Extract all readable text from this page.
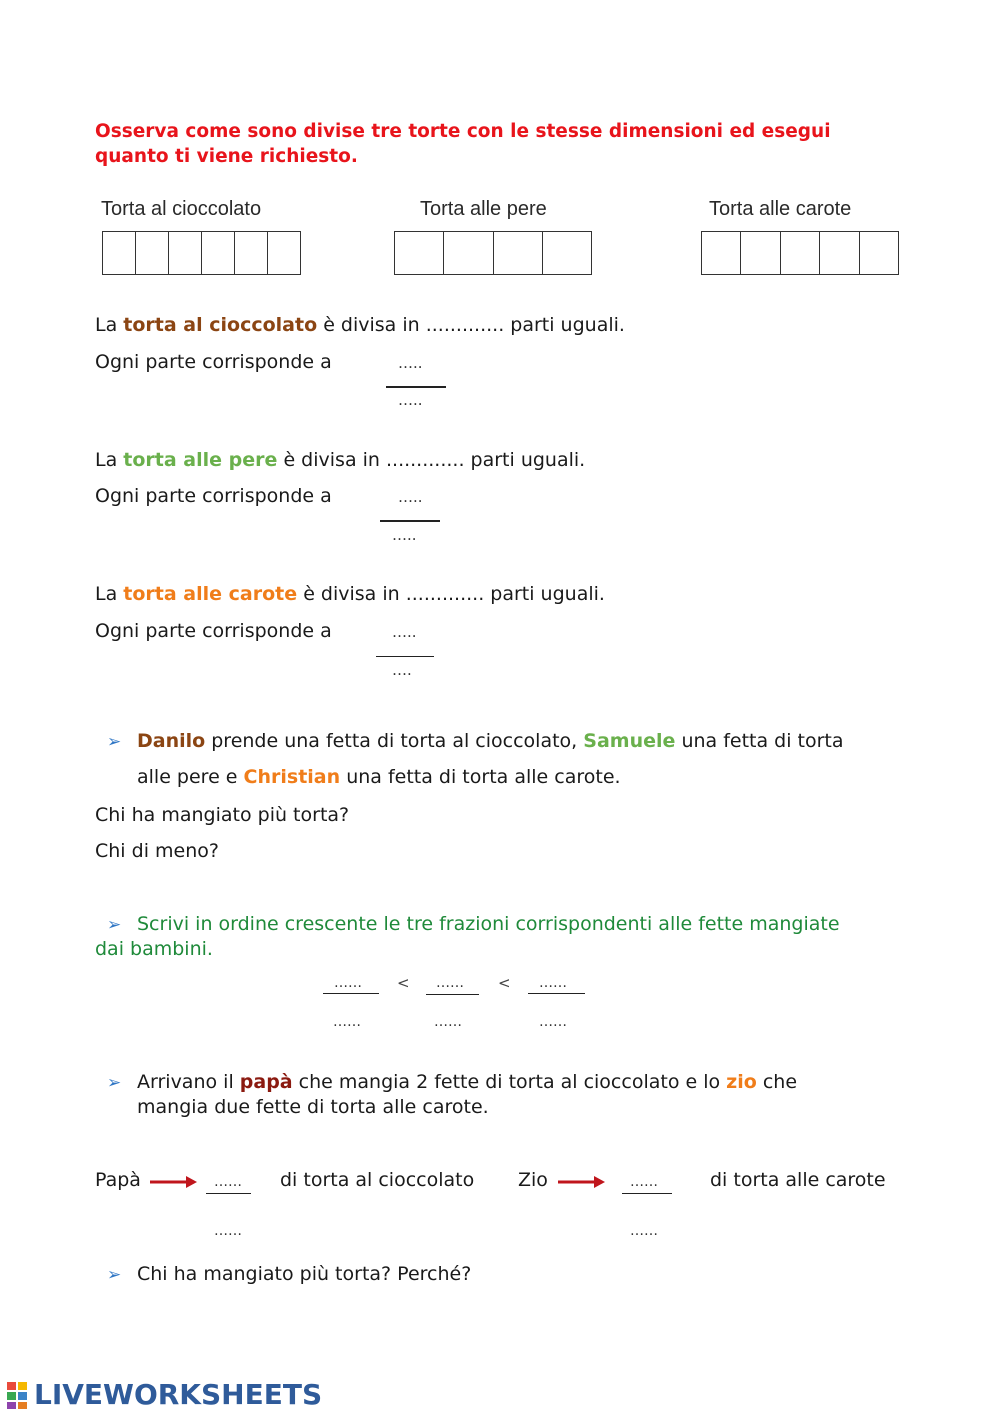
Osserva come sono divise tre torte con le stesse dimensioni ed esegui quanto ti viene richiesto.
Torta al cioccolato	Torta alle pere	Torta alle carote
La torta al cioccolato è divisa in ............. parti uguali.
Ogni parte corrisponde a	…..
…..
La torta alle pere è divisa in ............. parti uguali.
Ogni parte corrisponde a	…..
…..
La torta alle carote è divisa in ............. parti uguali.
Ogni parte corrisponde a	…..
….
➢ Danilo prende una fetta di torta al cioccolato, Samuele una fetta di torta
alle pere e Christian una fetta di torta alle carote.
Chi ha mangiato più torta?
Chi di meno?
➢ Scrivi in ordine crescente le tre frazioni corrispondenti alle fette mangiate
dai bambini.
……
……
< ……
……
< ……
……
➢ Arrivano il papà che mangia 2 fette di torta al cioccolato e lo zio che
mangia due fette di torta alle carote.
Papà	……
……
di torta al cioccolato Zio	……
……
di torta alle carote
➢ Chi ha mangiato più torta? Perché?
LIVEWORKSHEETS
